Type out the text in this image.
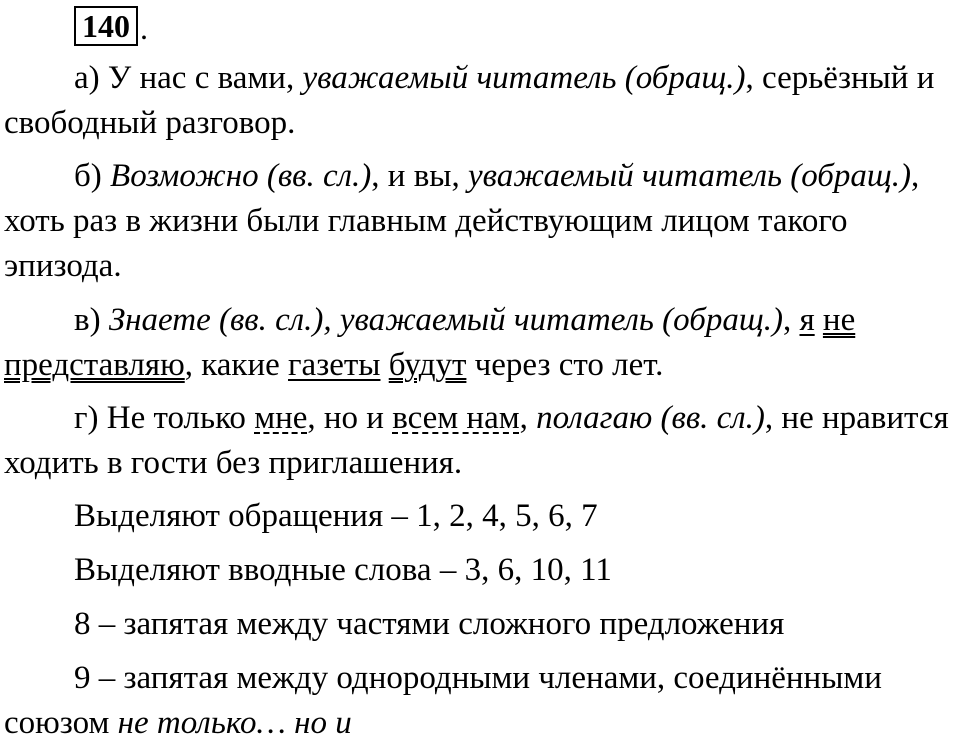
140 .

а) У нас с вами, уважаемый читатель (обращ.), серьёзный и свободный разговор.

б) Возможно (вв. сл.), и вы, уважаемый читатель (обращ.), хоть раз в жизни были главным действующим лицом такого эпизода.

в) Знаете (вв. сл.), уважаемый читатель (обращ.), я не представляю, какие газеты будут через сто лет.

г) Не только мне, но и всем нам, полагаю (вв. сл.), не нравится ходить в гости без приглашения.

Выделяют обращения – 1, 2, 4, 5, 6, 7

Выделяют вводные слова – 3, 6, 10, 11

8 – запятая между частями сложного предложения

9 – запятая между однородными членами, соединёнными союзом не только… но и
